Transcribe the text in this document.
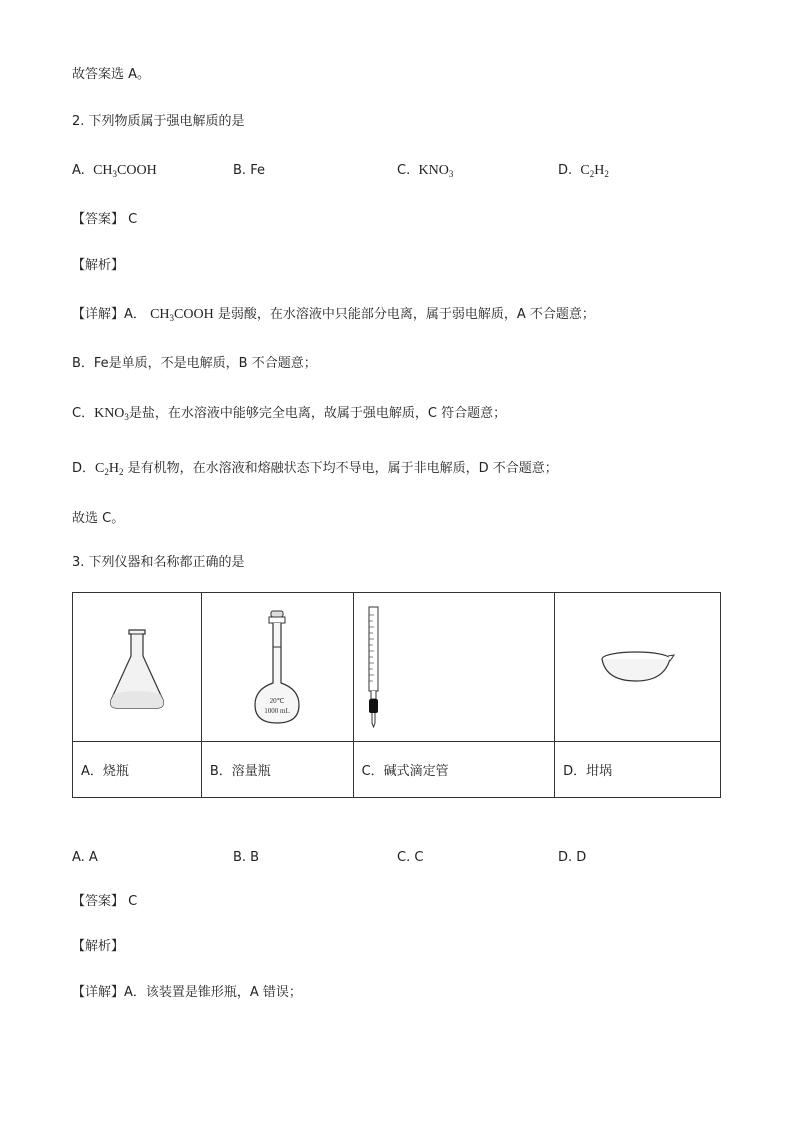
故答案选 A。
2. 下列物质属于强电解质的是
A. $CH_3COOH$	B. Fe	C. $KNO_3$	D. $C_2H_2$
【答案】 C
【解析】
【详解】A． $CH_3COOH$ 是弱酸，在水溶液中只能部分电离，属于弱电解质，A 不合题意；
B．Fe是单质，不是电解质，B 不合题意；
C．$KNO_3$是盐，在水溶液中能够完全电离，故属于强电解质，C 符合题意；
D．$C_2H_2$ 是有机物，在水溶液和熔融状态下均不导电，属于非电解质，D 不合题意；
故选 C。
3. 下列仪器和名称都正确的是

20℃
1000 mL

A．烧瓶	B．溶量瓶	C．碱式滴定管	D．坩埚
A. A	B. B	C. C	D. D
【答案】 C
【解析】
【详解】A．该装置是锥形瓶，A 错误；
